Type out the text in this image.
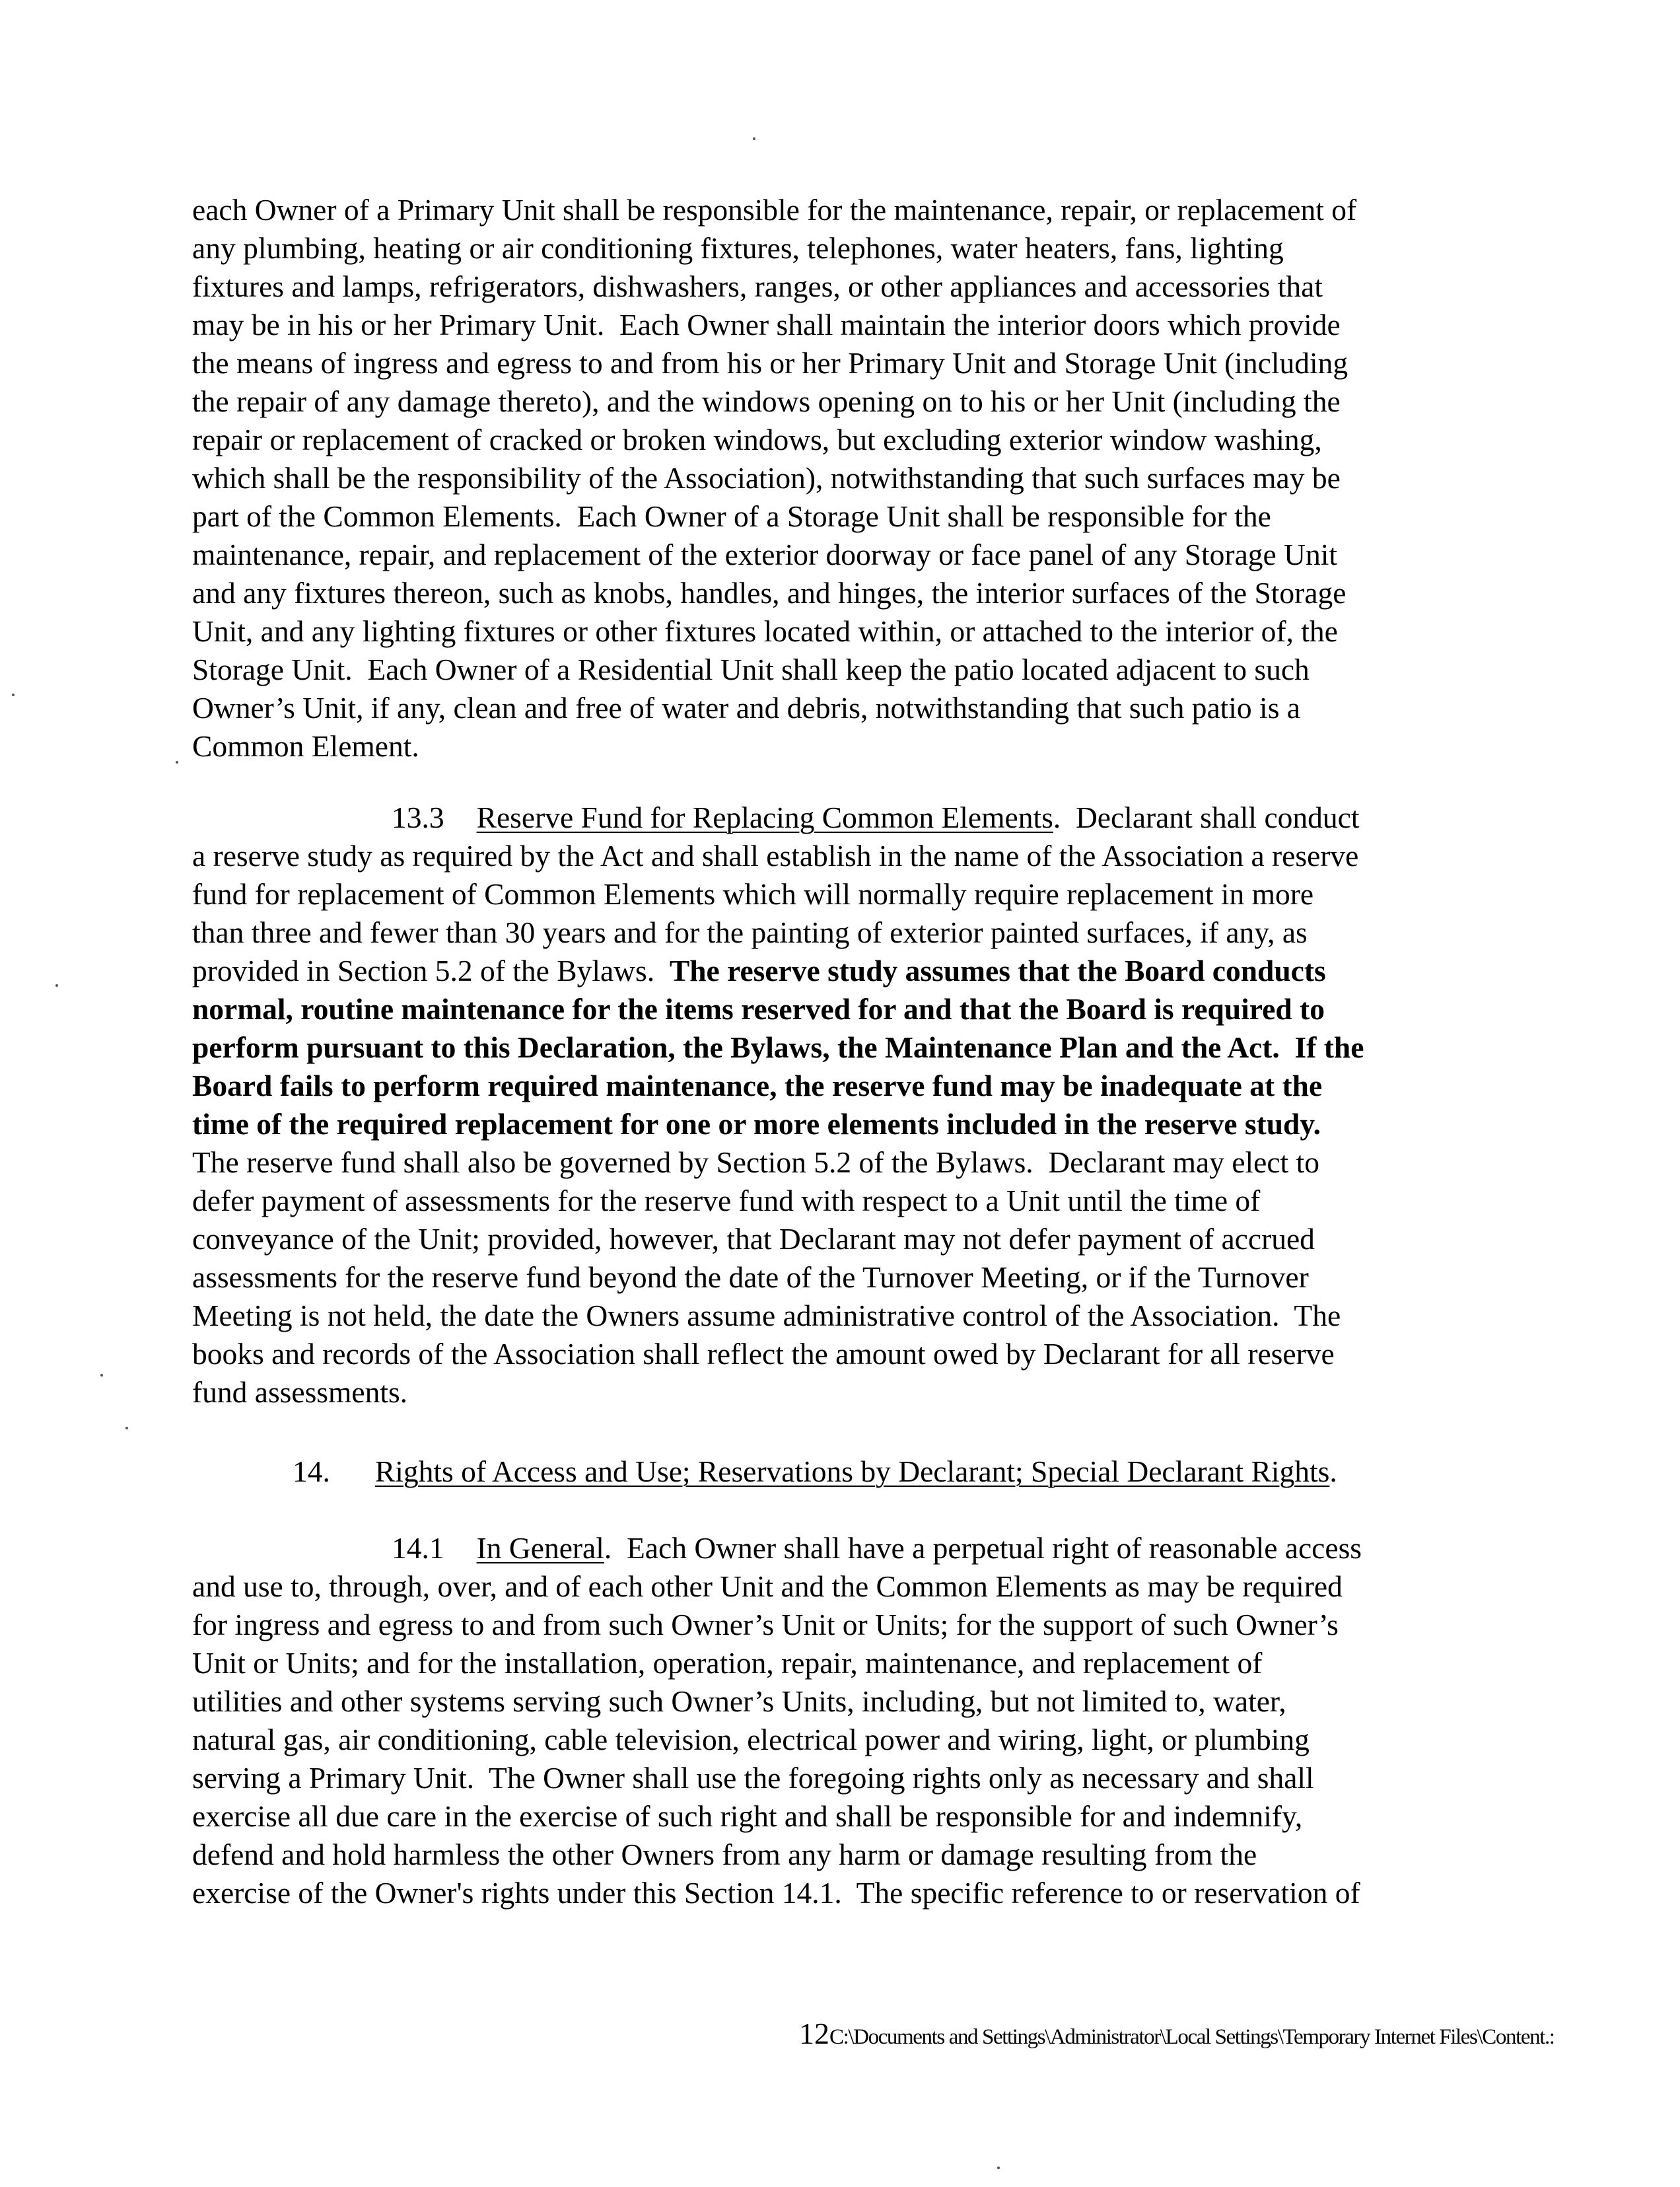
each Owner of a Primary Unit shall be responsible for the maintenance, repair, or replacement of
any plumbing, heating or air conditioning fixtures, telephones, water heaters, fans, lighting
fixtures and lamps, refrigerators, dishwashers, ranges, or other appliances and accessories that
may be in his or her Primary Unit.  Each Owner shall maintain the interior doors which provide
the means of ingress and egress to and from his or her Primary Unit and Storage Unit (including
the repair of any damage thereto), and the windows opening on to his or her Unit (including the
repair or replacement of cracked or broken windows, but excluding exterior window washing,
which shall be the responsibility of the Association), notwithstanding that such surfaces may be
part of the Common Elements.  Each Owner of a Storage Unit shall be responsible for the
maintenance, repair, and replacement of the exterior doorway or face panel of any Storage Unit
and any fixtures thereon, such as knobs, handles, and hinges, the interior surfaces of the Storage
Unit, and any lighting fixtures or other fixtures located within, or attached to the interior of, the
Storage Unit.  Each Owner of a Residential Unit shall keep the patio located adjacent to such
Owner’s Unit, if any, clean and free of water and debris, notwithstanding that such patio is a
Common Element.
13.3 Reserve Fund for Replacing Common Elements.  Declarant shall conduct
a reserve study as required by the Act and shall establish in the name of the Association a reserve
fund for replacement of Common Elements which will normally require replacement in more
than three and fewer than 30 years and for the painting of exterior painted surfaces, if any, as
provided in Section 5.2 of the Bylaws.  The reserve study assumes that the Board conducts
normal, routine maintenance for the items reserved for and that the Board is required to
perform pursuant to this Declaration, the Bylaws, the Maintenance Plan and the Act.  If the
Board fails to perform required maintenance, the reserve fund may be inadequate at the
time of the required replacement for one or more elements included in the reserve study.
The reserve fund shall also be governed by Section 5.2 of the Bylaws.  Declarant may elect to
defer payment of assessments for the reserve fund with respect to a Unit until the time of
conveyance of the Unit; provided, however, that Declarant may not defer payment of accrued
assessments for the reserve fund beyond the date of the Turnover Meeting, or if the Turnover
Meeting is not held, the date the Owners assume administrative control of the Association.  The
books and records of the Association shall reflect the amount owed by Declarant for all reserve
fund assessments.
14. Rights of Access and Use; Reservations by Declarant; Special Declarant Rights.
14.1 In General.  Each Owner shall have a perpetual right of reasonable access
and use to, through, over, and of each other Unit and the Common Elements as may be required
for ingress and egress to and from such Owner’s Unit or Units; for the support of such Owner’s
Unit or Units; and for the installation, operation, repair, maintenance, and replacement of
utilities and other systems serving such Owner’s Units, including, but not limited to, water,
natural gas, air conditioning, cable television, electrical power and wiring, light, or plumbing
serving a Primary Unit.  The Owner shall use the foregoing rights only as necessary and shall
exercise all due care in the exercise of such right and shall be responsible for and indemnify,
defend and hold harmless the other Owners from any harm or damage resulting from the
exercise of the Owner's rights under this Section 14.1.  The specific reference to or reservation of
12C:\Documents and Settings\Administrator\Local Settings\Temporary Internet Files\Content.:
